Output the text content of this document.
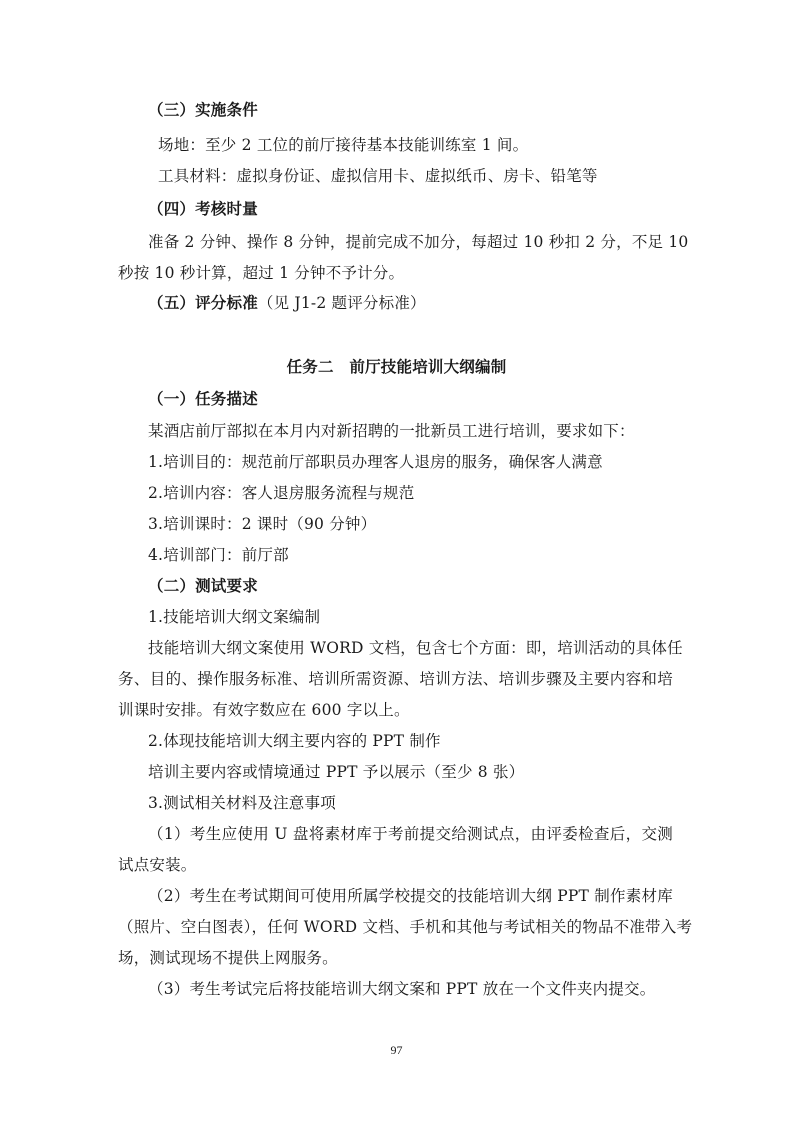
（三）实施条件
场地：至少 2 工位的前厅接待基本技能训练室 1 间。
工具材料：虚拟身份证、虚拟信用卡、虚拟纸币、房卡、铅笔等
（四）考核时量
准备 2 分钟、操作 8 分钟，提前完成不加分，每超过 10 秒扣 2 分，不足 10
秒按 10 秒计算，超过 1 分钟不予计分。
（五）评分标准（见 J1-2 题评分标准）
任务二　前厅技能培训大纲编制
（一）任务描述
某酒店前厅部拟在本月内对新招聘的一批新员工进行培训，要求如下：
1.培训目的：规范前厅部职员办理客人退房的服务，确保客人满意
2.培训内容：客人退房服务流程与规范
3.培训课时：2 课时（90 分钟）
4.培训部门：前厅部
（二）测试要求
1.技能培训大纲文案编制
技能培训大纲文案使用 WORD 文档，包含七个方面：即，培训活动的具体任
务、目的、操作服务标准、培训所需资源、培训方法、培训步骤及主要内容和培
训课时安排。有效字数应在 600 字以上。
2.体现技能培训大纲主要内容的 PPT 制作
培训主要内容或情境通过 PPT 予以展示（至少 8 张）
3.测试相关材料及注意事项
（1）考生应使用 U 盘将素材库于考前提交给测试点，由评委检查后，交测
试点安装。
（2）考生在考试期间可使用所属学校提交的技能培训大纲 PPT 制作素材库
（照片、空白图表），任何 WORD 文档、手机和其他与考试相关的物品不准带入考
场，测试现场不提供上网服务。
（3）考生考试完后将技能培训大纲文案和 PPT 放在一个文件夹内提交。
97
